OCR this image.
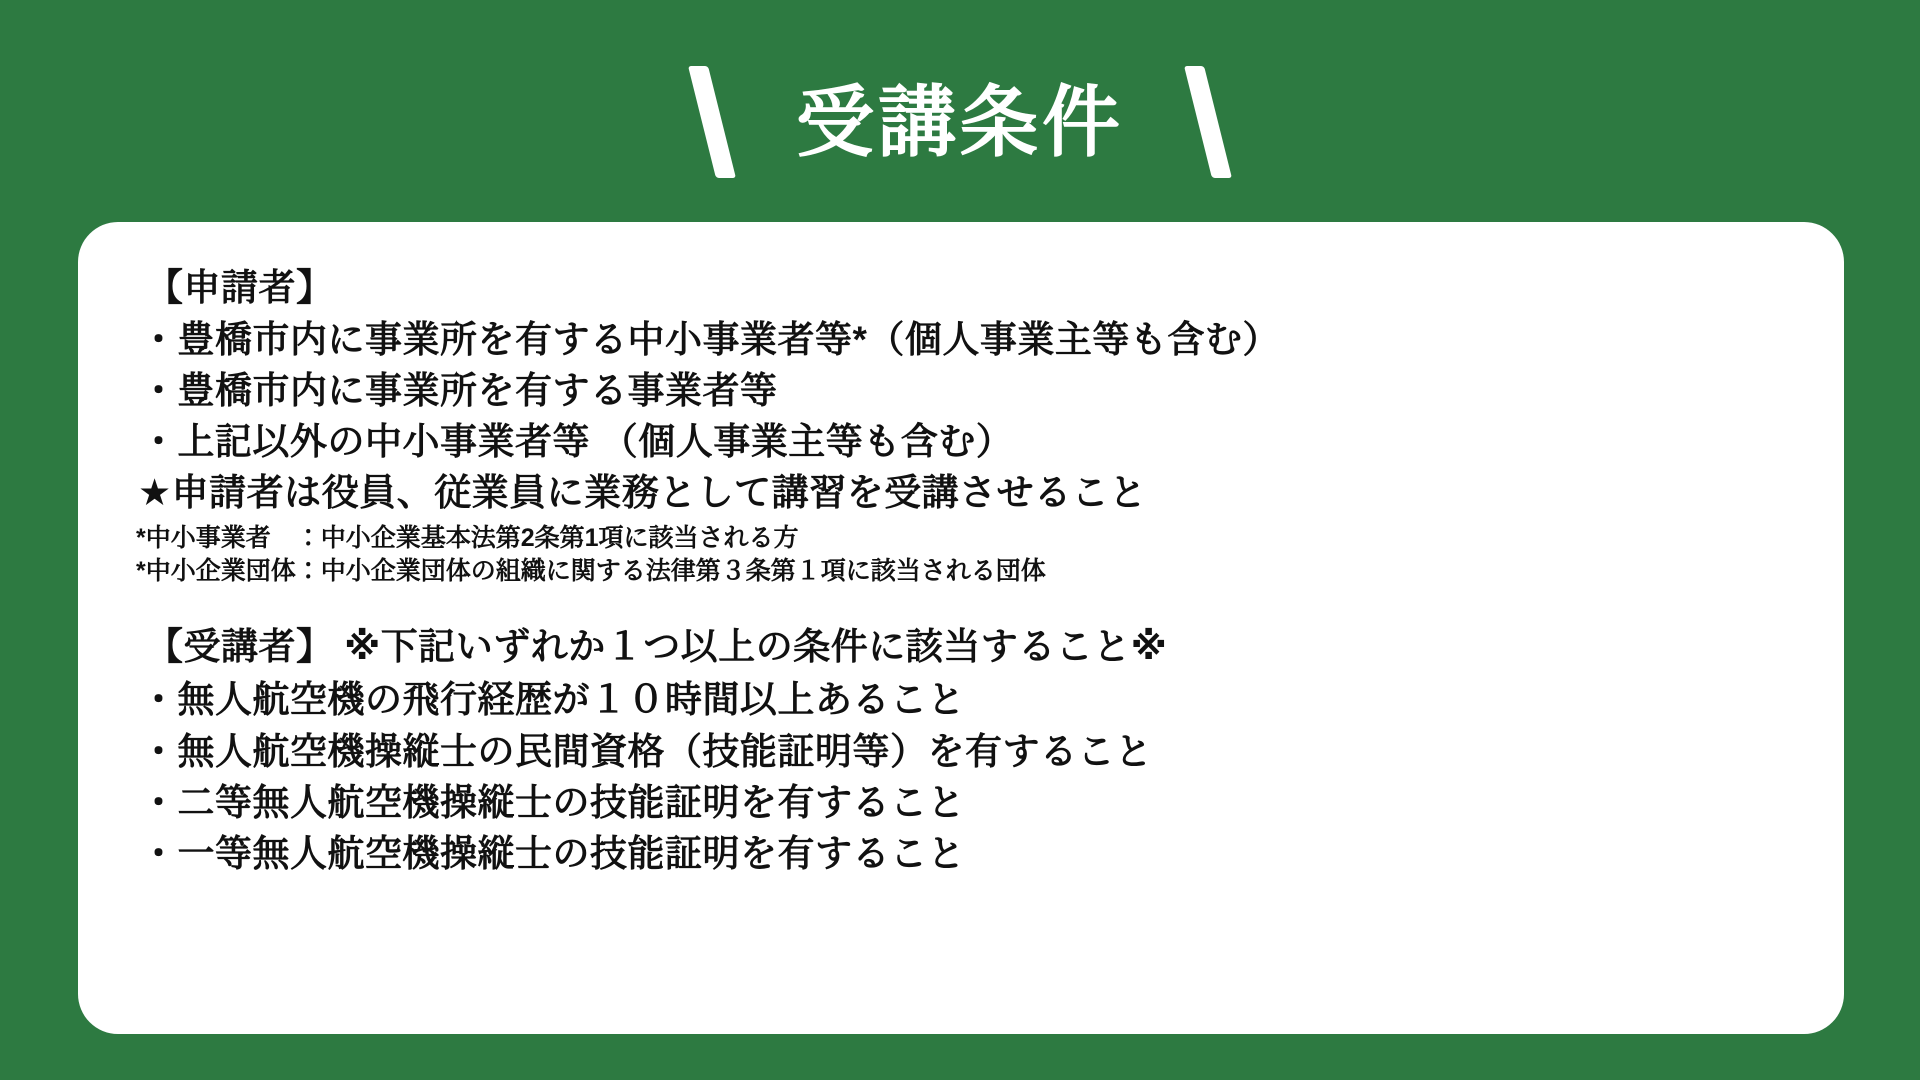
受講条件

【申請者】

・豊橋市内に事業所を有する中小事業者等*（個人事業主等も含む）

・豊橋市内に事業所を有する事業者等

・上記以外の中小事業者等 （個人事業主等も含む）

★申請者は役員、従業員に業務として講習を受講させること

*中小事業者　：中小企業基本法第2条第1項に該当される方

*中小企業団体：中小企業団体の組織に関する法律第３条第１項に該当される団体

【受講者】 ※下記いずれか１つ以上の条件に該当すること※

・無人航空機の飛行経歴が１０時間以上あること

・無人航空機操縦士の民間資格（技能証明等）を有すること

・二等無人航空機操縦士の技能証明を有すること

・一等無人航空機操縦士の技能証明を有すること
